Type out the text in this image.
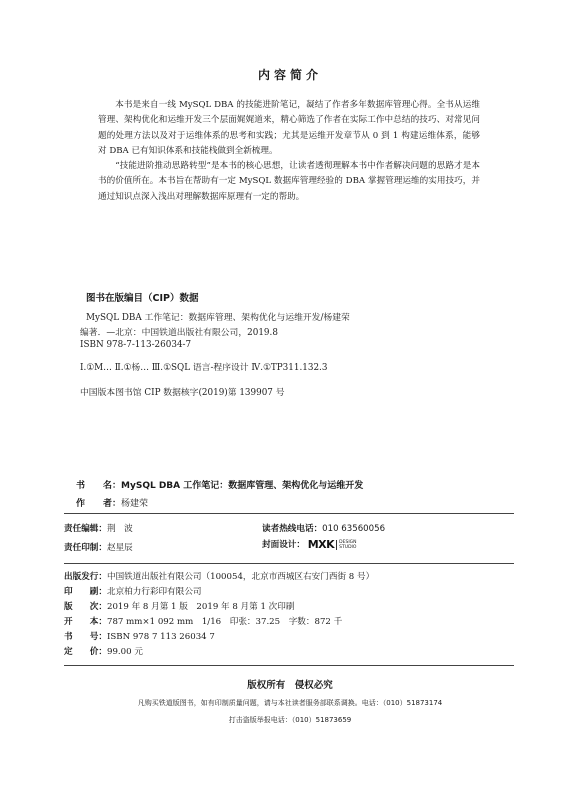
内容简介

本书是来自一线 MySQL DBA 的技能进阶笔记，凝结了作者多年数据库管理心得。全书从运维管理、架构优化和运维开发三个层面娓娓道来，精心筛选了作者在实际工作中总结的技巧、对常见问题的处理方法以及对于运维体系的思考和实践；尤其是运维开发章节从 0 到 1 构建运维体系，能够对 DBA 已有知识体系和技能栈做到全新梳理。

“技能进阶推动思路转型”是本书的核心思想，让读者透彻理解本书中作者解决问题的思路才是本书的价值所在。本书旨在帮助有一定 MySQL 数据库管理经验的 DBA 掌握管理运维的实用技巧，并通过知识点深入浅出对理解数据库原理有一定的帮助。

图书在版编目（CIP）数据
MySQL DBA 工作笔记：数据库管理、架构优化与运维开发/杨建荣
编著．—北京：中国铁道出版社有限公司，2019.8
ISBN 978-7-113-26034-7
Ⅰ.①M… Ⅱ.①杨… Ⅲ.①SQL 语言-程序设计 Ⅳ.①TP311.132.3
中国版本图书馆 CIP 数据核字(2019)第 139907 号
书　　名：MySQL DBA 工作笔记：数据库管理、架构优化与运维开发
作　　者：杨建荣
责任编辑：荆　波	读者热线电话：010 63560056
责任印制：赵星辰	封面设计： MXK DESIGN
STUDIO
出版发行：中国铁道出版社有限公司（100054，北京市西城区右安门西街 8 号）
印　　刷：北京柏力行彩印有限公司
版　　次：2019 年 8 月第 1 版　2019 年 8 月第 1 次印刷
开　　本：787 mm×1 092 mm　1/16　印张：37.25　字数：872 千
书　　号：ISBN 978 7 113 26034 7
定　　价：99.00 元
版权所有　侵权必究
凡购买铁道版图书，如有印制质量问题，请与本社读者服务部联系调换。电话：（010）51873174
打击盗版举报电话：（010）51873659
